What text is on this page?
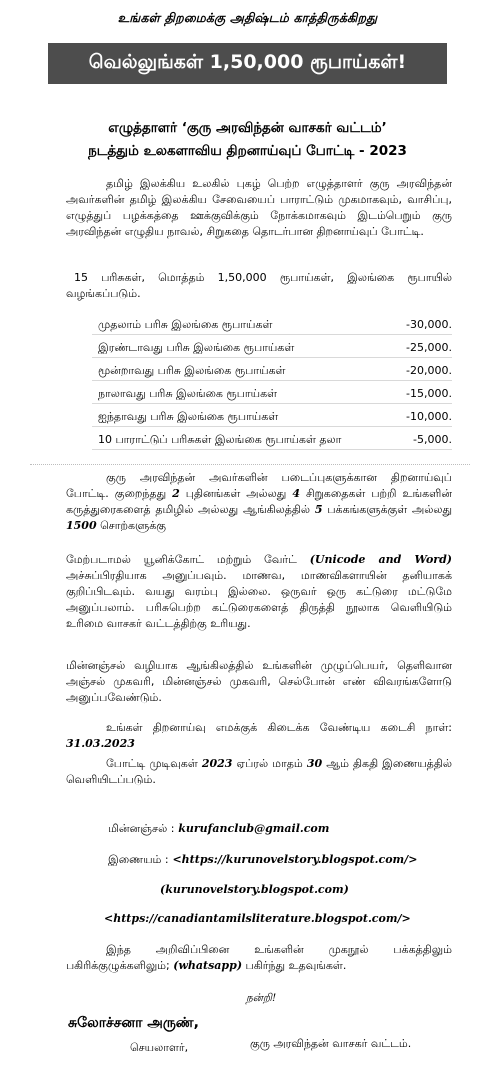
உங்கள் திறமைக்கு அதிஷ்டம் காத்திருக்கிறது
வெல்லுங்கள் 1,50,000 ரூபாய்கள்!
எழுத்தாளர் ‘குரு அரவிந்தன் வாசகர் வட்டம்’
நடத்தும் உலகளாவிய திறனாய்வுப் போட்டி - 2023
தமிழ் இலக்கிய உலகில் புகழ் பெற்ற எழுத்தாளர் குரு அரவிந்தன் அவர்களின் தமிழ் இலக்கிய சேவையைப் பாராட்டும் முகமாகவும், வாசிப்பு, எழுத்துப் பழக்கத்தை ஊக்குவிக்கும் நோக்கமாகவும் இடம்பெறும் குரு அரவிந்தன் எழுதிய நாவல், சிறுகதை தொடர்பான திறனாய்வுப் போட்டி.
15 பரிசுகள், மொத்தம் 1,50,000 ரூபாய்கள், இலங்கை ரூபாயில் வழங்கப்படும்.
முதலாம் பரிசு இலங்கை ரூபாய்கள்	-30,000.
இரண்டாவது பரிசு இலங்கை ரூபாய்கள்	-25,000.
மூன்றாவது பரிசு இலங்கை ரூபாய்கள்	-20,000.
நாலாவது பரிசு இலங்கை ரூபாய்கள்	-15,000.
ஐந்தாவது பரிசு இலங்கை ரூபாய்கள்	-10,000.
10 பாராட்டுப் பரிசுகள் இலங்கை ரூபாய்கள் தலா	-5,000.
குரு அரவிந்தன் அவர்களின் படைப்புகளுக்கான திறனாய்வுப் போட்டி. குறைந்தது 2 புதினங்கள் அல்லது 4 சிறுகதைகள் பற்றி உங்களின் கருத்துரைகளைத் தமிழில் அல்லது ஆங்கிலத்தில் 5 பக்கங்களுக்குள் அல்லது 1500 சொற்களுக்கு
மேற்படாமல் யூனிக்கோட் மற்றும் வேர்ட் (Unicode and Word) அச்சுப்பிரதியாக அனுப்பவும். மாணவ, மாணவிகளாயின் தனியாகக் குறிப்பிடவும். வயது வரம்பு இல்லை. ஒருவர் ஒரு கட்டுரை மட்டுமே அனுப்பலாம். பரிசுபெற்ற கட்டுரைகளைத் திருத்தி நூலாக வெளியிடும் உரிமை வாசகர் வட்டத்திற்கு உரியது.
மின்னஞ்சல் வழியாக ஆங்கிலத்தில் உங்களின் முழுப்பெயர், தெளிவான அஞ்சல் முகவரி, மின்னஞ்சல் முகவரி, செல்போன் எண் விவரங்களோடு அனுப்பவேண்டும்.
உங்கள் திறனாய்வு எமக்குக் கிடைக்க வேண்டிய கடைசி நாள்: 31.03.2023
போட்டி முடிவுகள் 2023 ஏப்ரல் மாதம் 30 ஆம் திகதி இணையத்தில் வெளியிடப்படும்.
மின்னஞ்சல் : kurufanclub@gmail.com
இணையம் : <https://kurunovelstory.blogspot.com/>
(kurunovelstory.blogspot.com)
<https://canadiantamilsliterature.blogspot.com/>
இந்த அறிவிப்பினை உங்களின் முகநூல் பக்கத்திலும் பகிரிக்குழுக்களிலும்; (whatsapp) பகிர்ந்து உதவுங்கள்.
நன்றி!
சுலோச்சனா அருண்,
செயலாளர்,	குரு அரவிந்தன் வாசகர் வட்டம்.
